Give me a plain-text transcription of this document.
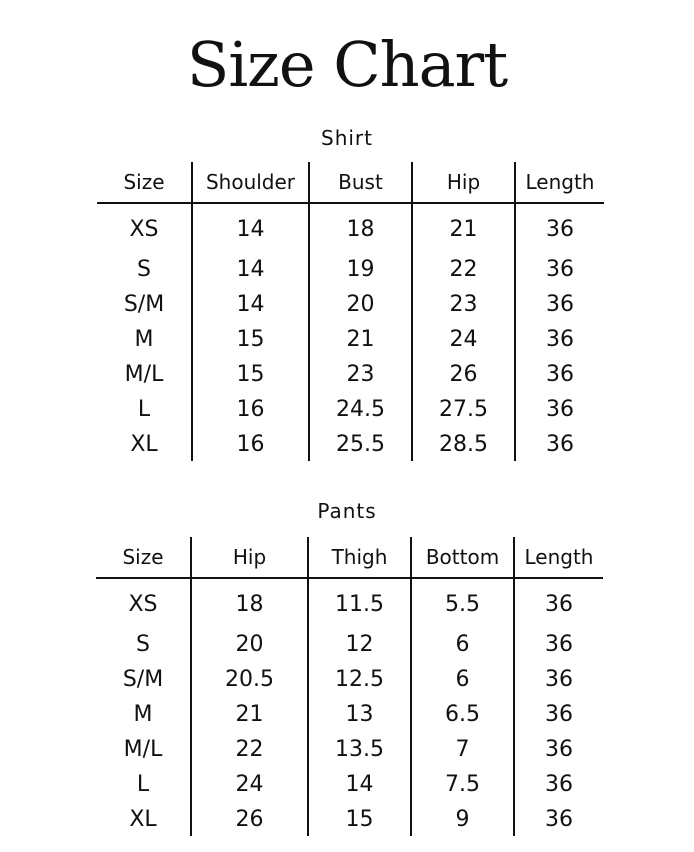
Size Chart
Shirt
Size	Shoulder	Bust	Hip	Length
XS	14	18	21	36
S	14	19	22	36
S/M	14	20	23	36
M	15	21	24	36
M/L	15	23	26	36
L	16	24.5	27.5	36
XL	16	25.5	28.5	36
Pants
Size	Hip	Thigh	Bottom	Length
XS	18	11.5	5.5	36
S	20	12	6	36
S/M	20.5	12.5	6	36
M	21	13	6.5	36
M/L	22	13.5	7	36
L	24	14	7.5	36
XL	26	15	9	36
